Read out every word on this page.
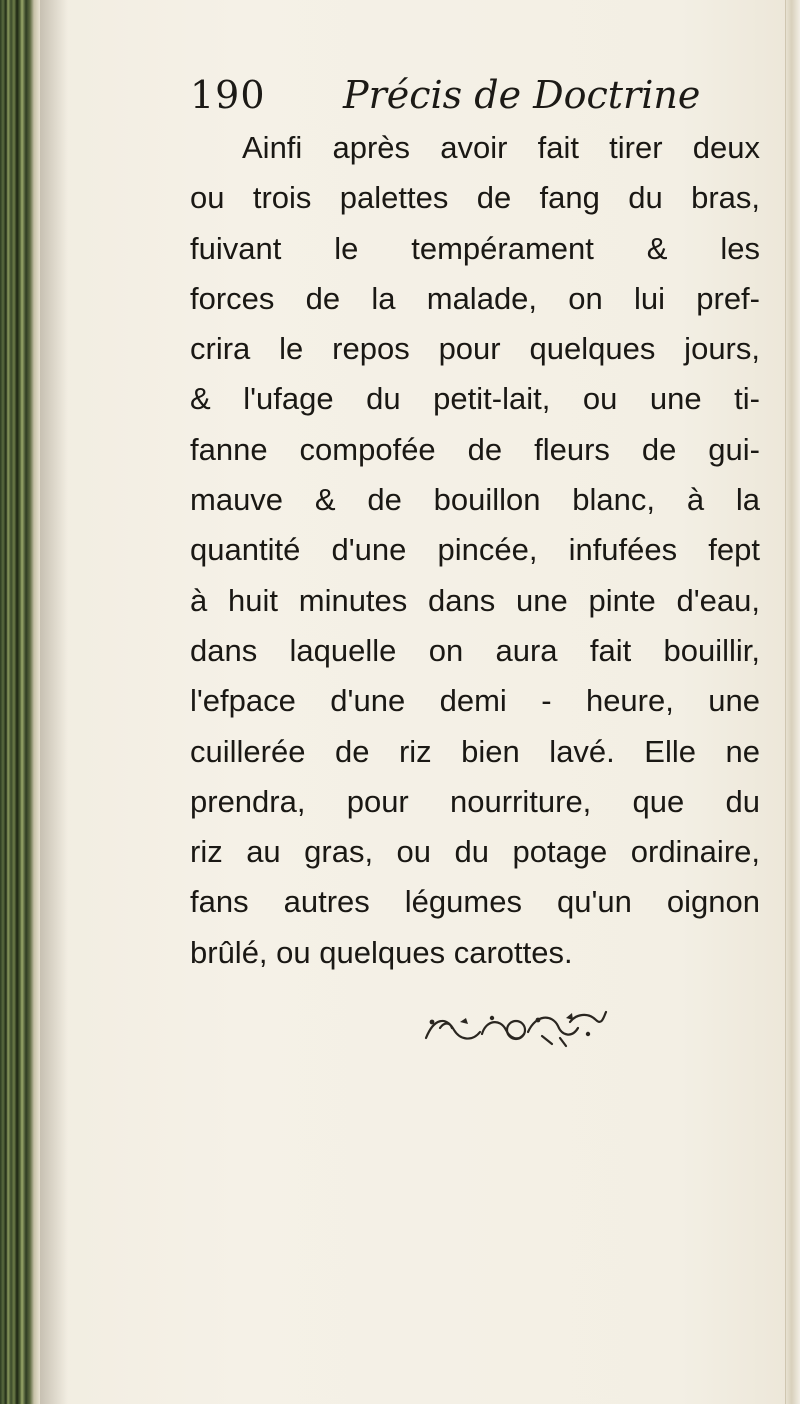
190 Précis de Doctrine
Ainfi après avoir fait tirer deux
ou trois palettes de fang du bras,
fuivant le tempérament & les
forces de la malade, on lui pref-
crira le repos pour quelques jours,
& l'ufage du petit-lait, ou une ti-
fanne compofée de fleurs de gui-
mauve & de bouillon blanc, à la
quantité d'une pincée, infufées fept
à huit minutes dans une pinte d'eau,
dans laquelle on aura fait bouillir,
l'efpace d'une demi - heure, une
cuillerée de riz bien lavé. Elle ne
prendra, pour nourriture, que du
riz au gras, ou du potage ordinaire,
fans autres légumes qu'un oignon
brûlé, ou quelques carottes.
